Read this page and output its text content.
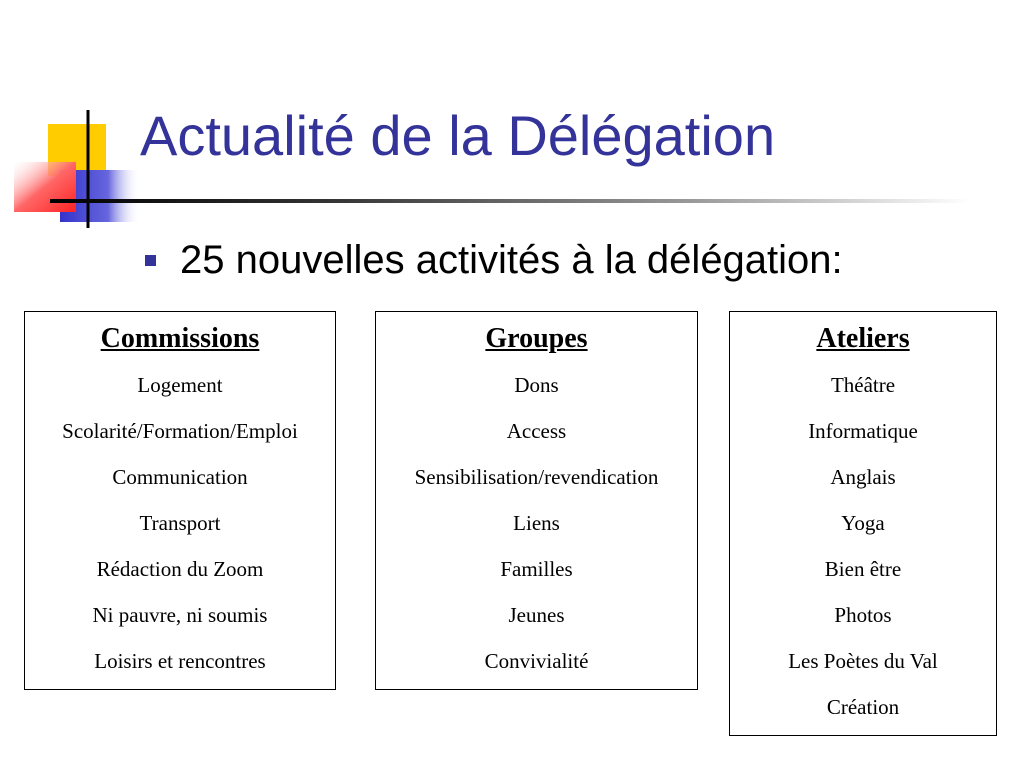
Actualité de la Délégation
25 nouvelles activités à la délégation:
Commissions
Logement
Scolarité/Formation/Emploi
Communication
Transport
Rédaction du Zoom
Ni pauvre, ni soumis
Loisirs et rencontres
Groupes
Dons
Access
Sensibilisation/revendication
Liens
Familles
Jeunes
Convivialité
Ateliers
Théâtre
Informatique
Anglais
Yoga
Bien être
Photos
Les Poètes du Val
Création
